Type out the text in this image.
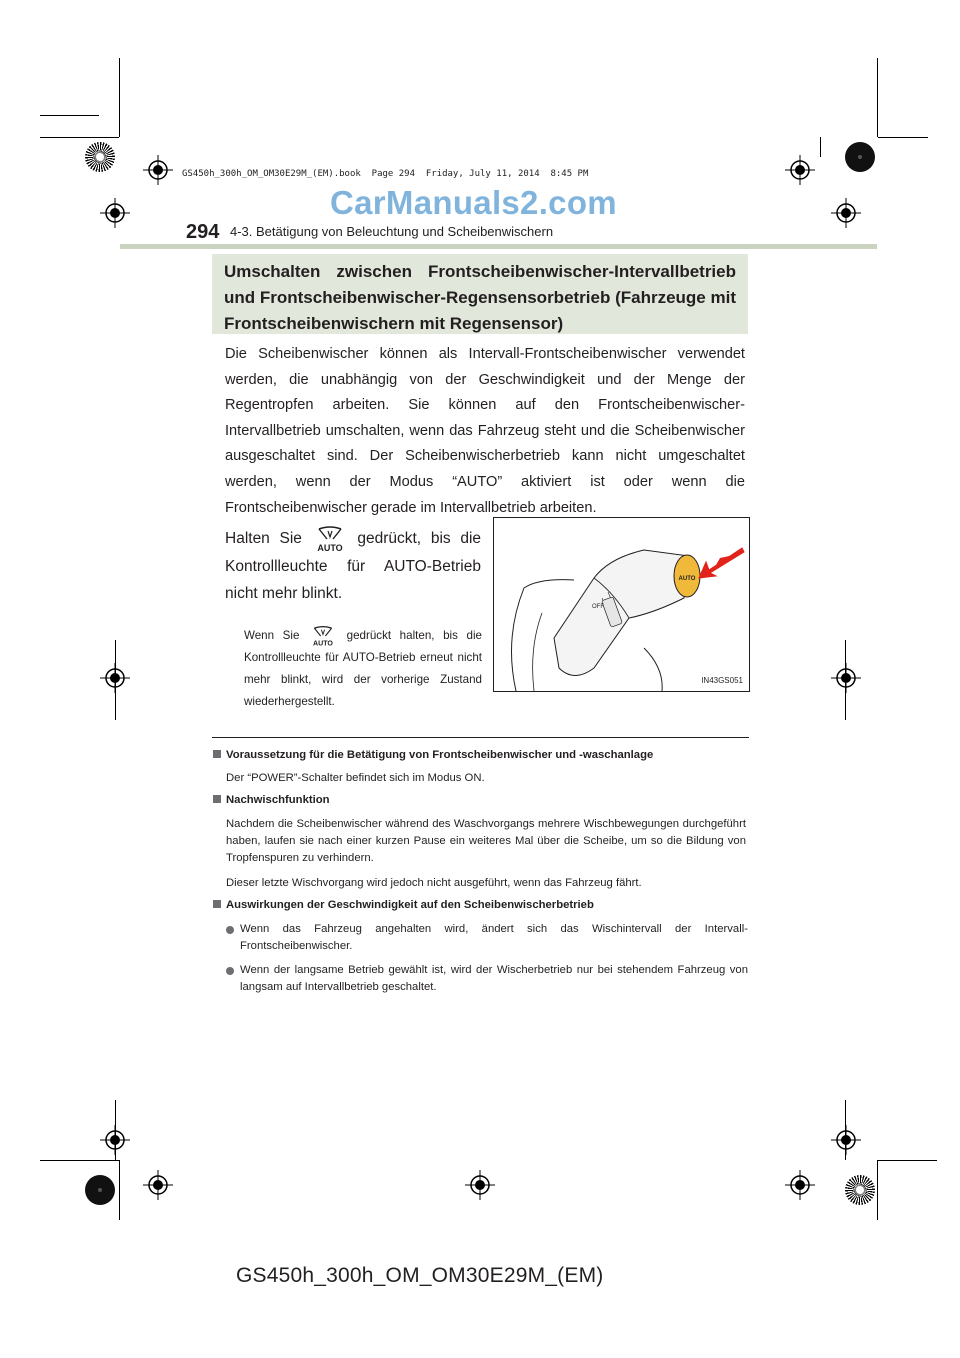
GS450h_300h_OM_OM30E29M_(EM).book  Page 294  Friday, July 11, 2014  8:45 PM
CarManuals2.com
294 4-3. Betätigung von Beleuchtung und Scheibenwischern
Umschalten zwischen Frontscheibenwischer-Intervallbetrieb und Frontscheibenwischer-Regensensorbetrieb (Fahrzeuge mit Frontscheibenwischern mit Regensensor)
Die Scheibenwischer können als Intervall-Frontscheibenwischer verwendet werden, die unabhängig von der Geschwindigkeit und der Menge der Regentropfen arbeiten. Sie können auf den Frontscheibenwischer-Intervallbetrieb umschalten, wenn das Fahrzeug steht und die Scheibenwischer ausgeschaltet sind. Der Scheibenwischerbetrieb kann nicht umgeschaltet werden, wenn der Modus “AUTO” aktiviert ist oder wenn die Frontscheibenwischer gerade im Intervallbetrieb arbeiten.
Halten Sie
AUTO
gedrückt, bis die Kontrollleuchte für AUTO-Betrieb nicht mehr blinkt.
Wenn Sie
AUTO
gedrückt halten, bis die Kontrollleuchte für AUTO-Betrieb erneut nicht mehr blinkt, wird der vorherige Zustand wiederhergestellt.
OFF
AUTO
IN43GS051
Voraussetzung für die Betätigung von Frontscheibenwischer und -waschanlage
Der “POWER”-Schalter befindet sich im Modus ON.
Nachwischfunktion
Nachdem die Scheibenwischer während des Waschvorgangs mehrere Wischbewegungen durchgeführt haben, laufen sie nach einer kurzen Pause ein weiteres Mal über die Scheibe, um so die Bildung von Tropfenspuren zu verhindern.
Dieser letzte Wischvorgang wird jedoch nicht ausgeführt, wenn das Fahrzeug fährt.
Auswirkungen der Geschwindigkeit auf den Scheibenwischerbetrieb
Wenn das Fahrzeug angehalten wird, ändert sich das Wischintervall der Intervall-Frontscheibenwischer.
Wenn der langsame Betrieb gewählt ist, wird der Wischerbetrieb nur bei stehendem Fahrzeug von langsam auf Intervallbetrieb geschaltet.
GS450h_300h_OM_OM30E29M_(EM)
